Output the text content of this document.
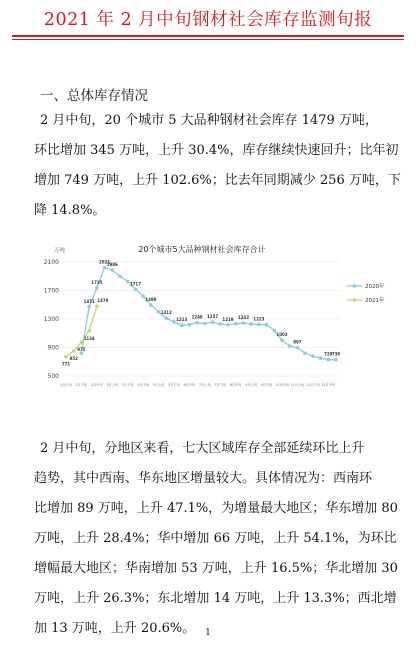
2021 年 2 月中旬钢材社会库存监测旬报
一、总体库存情况
2 月中旬，20 个城市 5 大品种钢材社会库存 1479 万吨，
环比增加 345 万吨，上升 30.4%，库存继续快速回升；比年初
增加 749 万吨，上升 102.6%；比去年同期减少 256 万吨，下
降 14.8%。
20个城市5大品种钢材社会库存合计
万吨
500
900
1300
1700
2100
1月上旬 1月下旬 2月中旬 3月上旬 3月下旬 4月中旬 5月上旬 5月下旬 6月中旬 7月上旬 7月下旬 8月中旬 9月上旬 9月下旬 10月中旬 11月上旬 11月下旬 12月中旬
1471
1735
2021
1986
1717
1498
1312
1213 1248 1257
1219 1243 1223
1003
897
729 730
771
852
975
1134
1479
2020年
2021年
2 月中旬，分地区来看，七大区域库存全部延续环比上升
趋势，其中西南、华东地区增量较大。具体情况为：西南环
比增加 89 万吨，上升 47.1%，为增量最大地区；华东增加 80
万吨，上升 28.4%；华中增加 66 万吨，上升 54.1%，为环比
增幅最大地区；华南增加 53 万吨，上升 16.5%；华北增加 30
万吨，上升 26.3%；东北增加 14 万吨，上升 13.3%；西北增
加 13 万吨，上升 20.6%。	1
